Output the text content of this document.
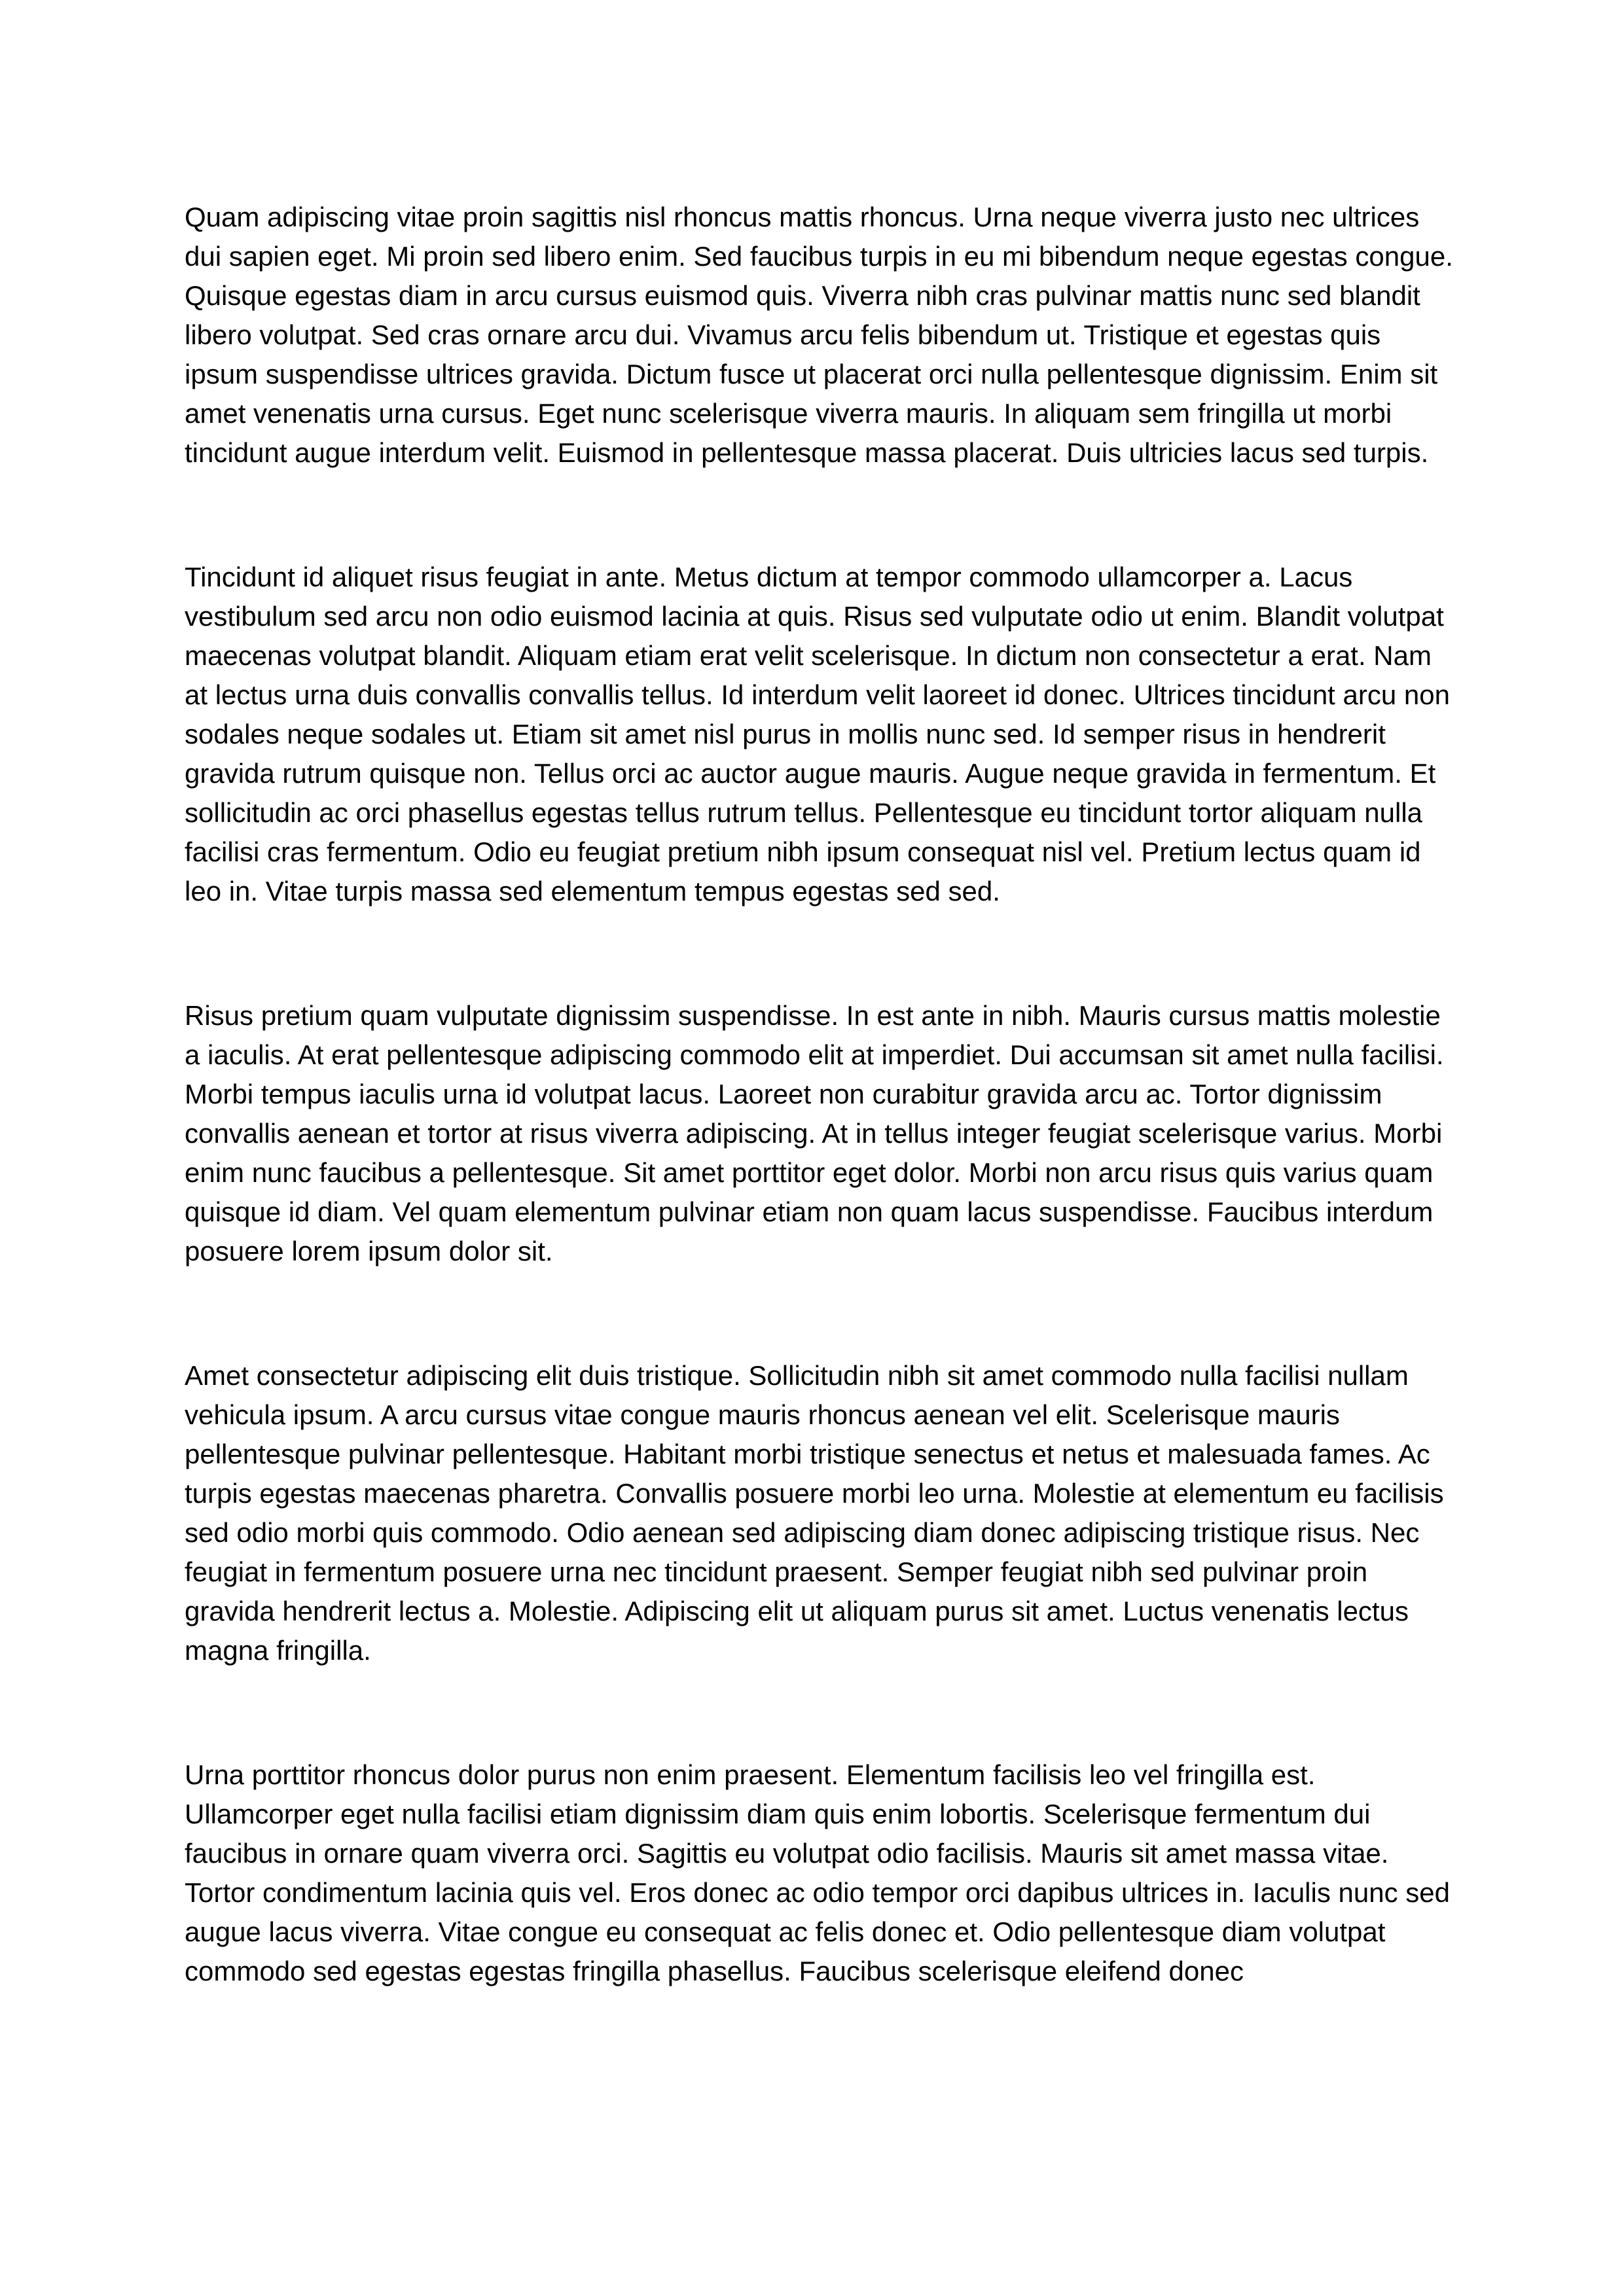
Quam adipiscing vitae proin sagittis nisl rhoncus mattis rhoncus. Urna neque viverra justo nec ultrices dui sapien eget. Mi proin sed libero enim. Sed faucibus turpis in eu mi bibendum neque egestas congue. Quisque egestas diam in arcu cursus euismod quis. Viverra nibh cras pulvinar mattis nunc sed blandit libero volutpat. Sed cras ornare arcu dui. Vivamus arcu felis bibendum ut. Tristique et egestas quis ipsum suspendisse ultrices gravida. Dictum fusce ut placerat orci nulla pellentesque dignissim. Enim sit amet venenatis urna cursus. Eget nunc scelerisque viverra mauris. In aliquam sem fringilla ut morbi tincidunt augue interdum velit. Euismod in pellentesque massa placerat. Duis ultricies lacus sed turpis.

Tincidunt id aliquet risus feugiat in ante. Metus dictum at tempor commodo ullamcorper a. Lacus vestibulum sed arcu non odio euismod lacinia at quis. Risus sed vulputate odio ut enim. Blandit volutpat maecenas volutpat blandit. Aliquam etiam erat velit scelerisque. In dictum non consectetur a erat. Nam at lectus urna duis convallis convallis tellus. Id interdum velit laoreet id donec. Ultrices tincidunt arcu non sodales neque sodales ut. Etiam sit amet nisl purus in mollis nunc sed. Id semper risus in hendrerit gravida rutrum quisque non. Tellus orci ac auctor augue mauris. Augue neque gravida in fermentum. Et sollicitudin ac orci phasellus egestas tellus rutrum tellus. Pellentesque eu tincidunt tortor aliquam nulla facilisi cras fermentum. Odio eu feugiat pretium nibh ipsum consequat nisl vel. Pretium lectus quam id leo in. Vitae turpis massa sed elementum tempus egestas sed sed.

Risus pretium quam vulputate dignissim suspendisse. In est ante in nibh. Mauris cursus mattis molestie a iaculis. At erat pellentesque adipiscing commodo elit at imperdiet. Dui accumsan sit amet nulla facilisi. Morbi tempus iaculis urna id volutpat lacus. Laoreet non curabitur gravida arcu ac. Tortor dignissim convallis aenean et tortor at risus viverra adipiscing. At in tellus integer feugiat scelerisque varius. Morbi enim nunc faucibus a pellentesque. Sit amet porttitor eget dolor. Morbi non arcu risus quis varius quam quisque id diam. Vel quam elementum pulvinar etiam non quam lacus suspendisse. Faucibus interdum posuere lorem ipsum dolor sit.

Amet consectetur adipiscing elit duis tristique. Sollicitudin nibh sit amet commodo nulla facilisi nullam vehicula ipsum. A arcu cursus vitae congue mauris rhoncus aenean vel elit. Scelerisque mauris pellentesque pulvinar pellentesque. Habitant morbi tristique senectus et netus et malesuada fames. Ac turpis egestas maecenas pharetra. Convallis posuere morbi leo urna. Molestie at elementum eu facilisis sed odio morbi quis commodo. Odio aenean sed adipiscing diam donec adipiscing tristique risus. Nec feugiat in fermentum posuere urna nec tincidunt praesent. Semper feugiat nibh sed pulvinar proin gravida hendrerit lectus a. Molestie. Adipiscing elit ut aliquam purus sit amet. Luctus venenatis lectus magna fringilla.

Urna porttitor rhoncus dolor purus non enim praesent. Elementum facilisis leo vel fringilla est. Ullamcorper eget nulla facilisi etiam dignissim diam quis enim lobortis. Scelerisque fermentum dui faucibus in ornare quam viverra orci. Sagittis eu volutpat odio facilisis. Mauris sit amet massa vitae. Tortor condimentum lacinia quis vel. Eros donec ac odio tempor orci dapibus ultrices in. Iaculis nunc sed augue lacus viverra. Vitae congue eu consequat ac felis donec et. Odio pellentesque diam volutpat commodo sed egestas egestas fringilla phasellus. Faucibus scelerisque eleifend donec
